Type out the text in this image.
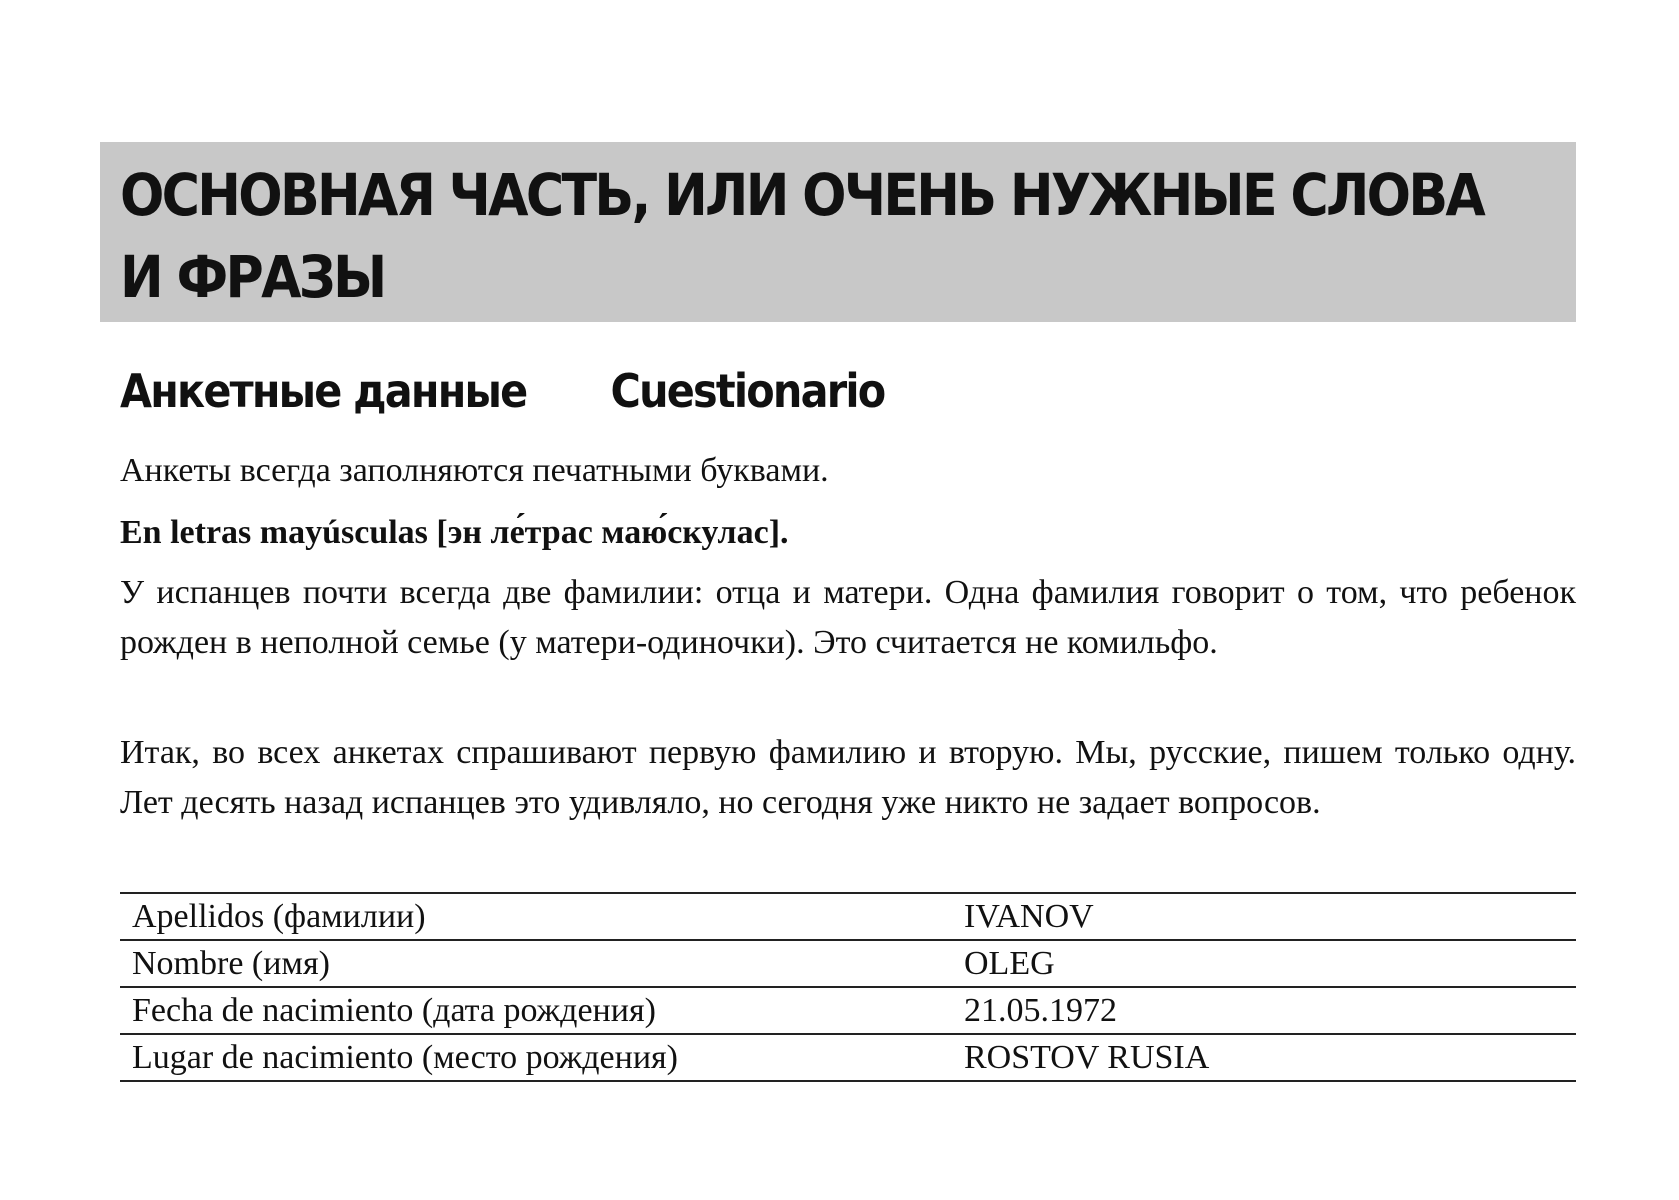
ОСНОВНАЯ ЧАСТЬ, ИЛИ ОЧЕНЬ НУЖНЫЕ СЛОВА
И ФРАЗЫ
Анкетные данные Cuestionario

Анкеты всегда заполняются печатными буквами.

En letras mayúsculas [эн ле́трас маю́скулас].

У испанцев почти всегда две фамилии: отца и матери. Одна фамилия говорит о том, что ребенок рожден в неполной семье (у матери-одиночки). Это считается не комильфо.

Итак, во всех анкетах спрашивают первую фамилию и вторую. Мы, русские, пишем только одну. Лет десять назад испанцев это удивляло, но сегодня уже никто не задает вопросов.

Apellidos (фамилии)	IVANOV
Nombre (имя)	OLEG
Fecha de nacimiento (дата рождения)	21.05.1972
Lugar de nacimiento (место рождения)	ROSTOV RUSIA
